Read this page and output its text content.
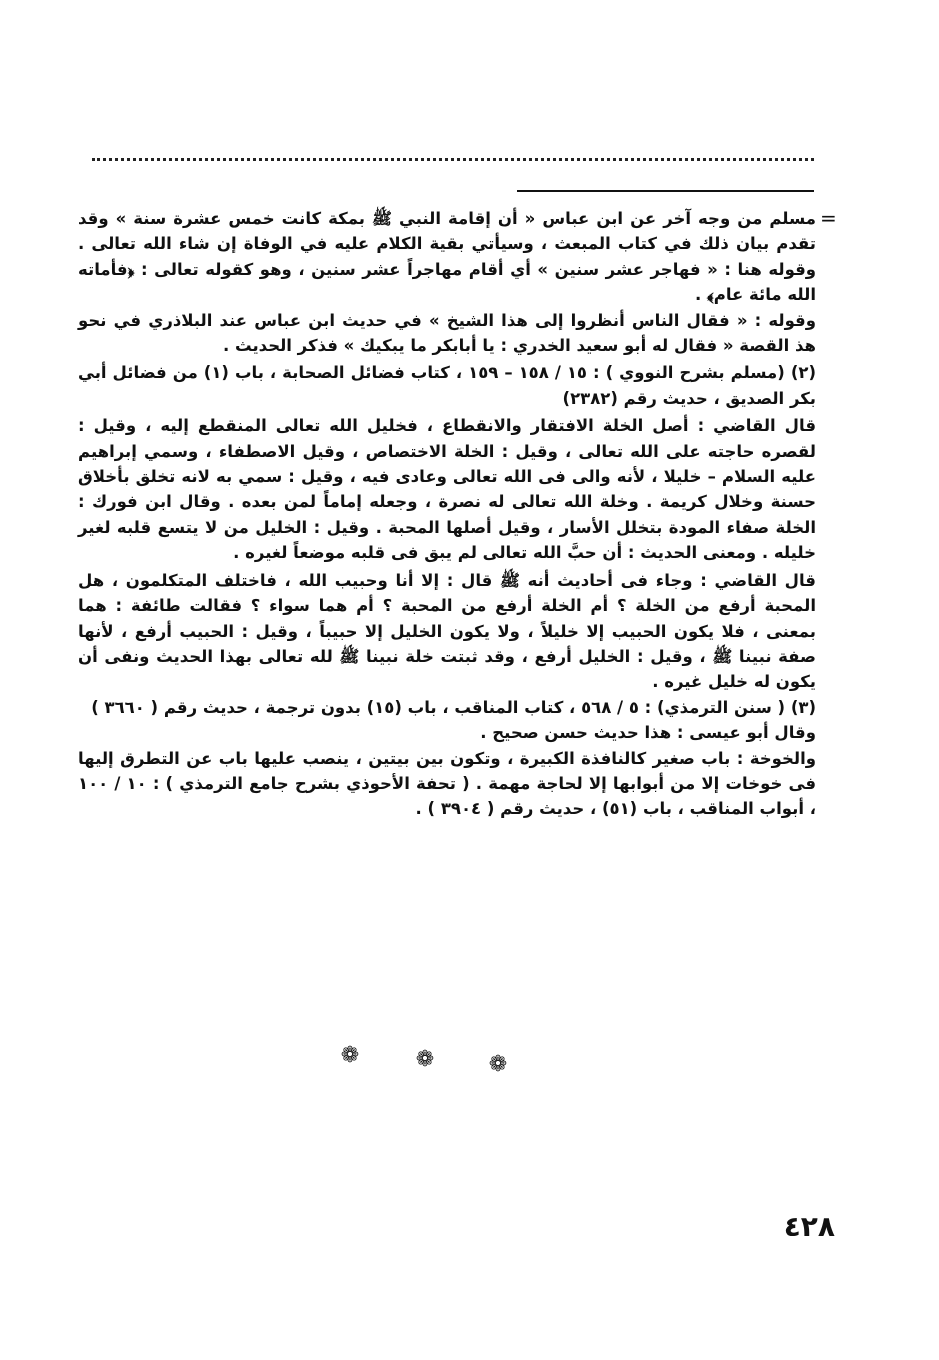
=

مسلم من وجه آخر عن ابن عباس « أن إقامة النبي ﷺ بمكة كانت خمس عشرة سنة » وقد تقدم بيان ذلك في كتاب المبعث ، وسيأتي بقية الكلام عليه في الوفاة إن شاء الله تعالى . وقوله هنا : « فهاجر عشر سنين » أي أقام مهاجراً عشر سنين ، وهو كقوله تعالى : ﴿فأماته الله مائة عام﴾ .

وقوله : « فقال الناس أنظروا إلى هذا الشيخ » في حديث ابن عباس عند البلاذري في نحو هذ القصة « فقال له أبو سعيد الخدري : يا أبابكر ما يبكيك » فذكر الحديث .

(٢) (مسلم بشرح النووي ) : ١٥ / ١٥٨ – ١٥٩ ، كتاب فضائل الصحابة ، باب (١) من فضائل أبي بكر الصديق ، حديث رقم (٢٣٨٢)

قال القاضي : أصل الخلة الافتقار والانقطاع ، فخليل الله تعالى المنقطع إليه ، وقيل : لقصره حاجته على الله تعالى ، وقيل : الخلة الاختصاص ، وقيل الاصطفاء ، وسمي إبراهيم عليه السلام – خليلا ، لأنه والى فى الله تعالى وعادى فيه ، وقيل : سمي به لانه تخلق بأخلاق حسنة وخلال كريمة . وخلة الله تعالى له نصرة ، وجعله إماماً لمن بعده . وقال ابن فورك : الخلة صفاء المودة بتخلل الأسار ، وقيل أصلها المحبة . وقيل : الخليل من لا يتسع قلبه لغير خليله . ومعنى الحديث : أن حبَّ الله تعالى لم يبق فى قلبه موضعاً لغيره .

قال القاضي : وجاء فى أحاديث أنه ﷺ قال : إلا أنا وحبيب الله ، فاختلف المتكلمون ، هل المحبة أرفع من الخلة ؟ أم الخلة أرفع من المحبة ؟ أم هما سواء ؟ فقالت طائفة : هما بمعنى ، فلا يكون الحبيب إلا خليلاً ، ولا يكون الخليل إلا حبيباً ، وقيل : الحبيب أرفع ، لأنها صفة نبينا ﷺ ، وقيل : الخليل أرفع ، وقد ثبتت خلة نبينا ﷺ لله تعالى بهذا الحديث ونفى أن يكون له خليل غيره .

(٣) ( سنن الترمذي) : ٥ / ٥٦٨ ، كتاب المناقب ، باب (١٥) بدون ترجمة ، حديث رقم ( ٣٦٦٠ )

وقال أبو عيسى : هذا حديث حسن صحيح .

والخوخة : باب صغير كالنافذة الكبيرة ، وتكون بين بيتين ، ينصب عليها باب عن التطرق إليها فى خوخات إلا من أبوابها إلا لحاجة مهمة . ( تحفة الأحوذي بشرح جامع الترمذي ) : ١٠ / ١٠٠ ، أبواب المناقب ، باب (٥١) ، حديث رقم ( ٣٩٠٤ ) .

❁	❁ ❁
٤٢٨
